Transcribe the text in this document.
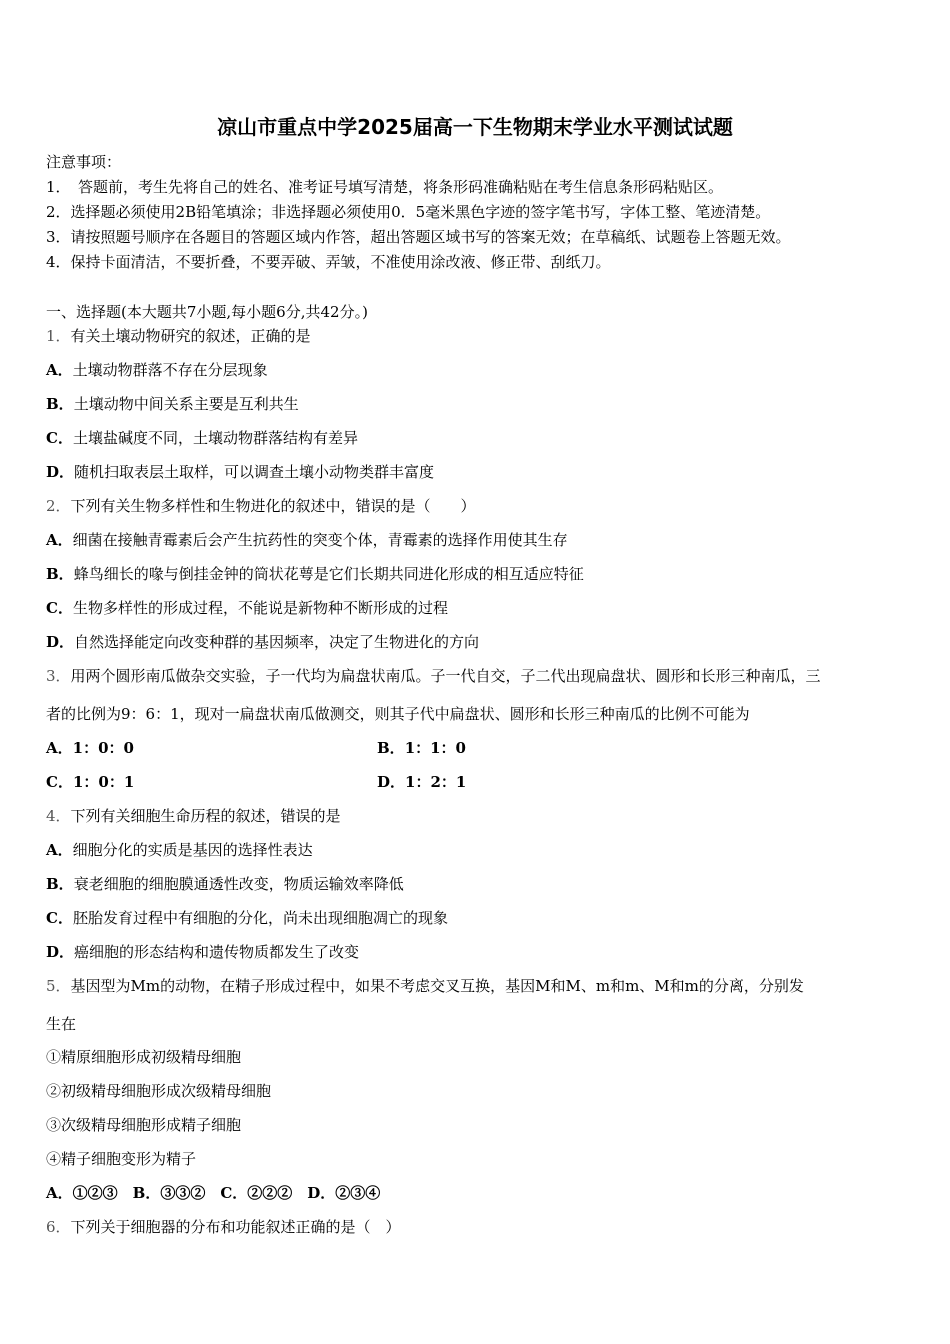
凉山市重点中学2025届高一下生物期末学业水平测试试题
注意事项：
1．　答题前，考生先将自己的姓名、准考证号填写清楚，将条形码准确粘贴在考生信息条形码粘贴区。
2．选择题必须使用2B铅笔填涂；非选择题必须使用0．5毫米黑色字迹的签字笔书写，字体工整、笔迹清楚。
3．请按照题号顺序在各题目的答题区域内作答，超出答题区域书写的答案无效；在草稿纸、试题卷上答题无效。
4．保持卡面清洁，不要折叠，不要弄破、弄皱，不准使用涂改液、修正带、刮纸刀。
一、选择题(本大题共7小题,每小题6分,共42分。)
1．有关土壤动物研究的叙述，正确的是
A．土壤动物群落不存在分层现象
B．土壤动物中间关系主要是互利共生
C．土壤盐碱度不同，土壤动物群落结构有差异
D．随机扫取表层土取样，可以调查土壤小动物类群丰富度
2．下列有关生物多样性和生物进化的叙述中，错误的是（　　）
A．细菌在接触青霉素后会产生抗药性的突变个体，青霉素的选择作用使其生存
B．蜂鸟细长的喙与倒挂金钟的筒状花萼是它们长期共同进化形成的相互适应特征
C．生物多样性的形成过程，不能说是新物种不断形成的过程
D．自然选择能定向改变种群的基因频率，决定了生物进化的方向
3．用两个圆形南瓜做杂交实验，子一代均为扁盘状南瓜。子一代自交，子二代出现扁盘状、圆形和长形三种南瓜，三
者的比例为9：6：1，现对一扁盘状南瓜做测交，则其子代中扁盘状、圆形和长形三种南瓜的比例不可能为
A．1：0：0	B．1：1：0
C．1：0：1	D．1：2：1
4．下列有关细胞生命历程的叙述，错误的是
A．细胞分化的实质是基因的选择性表达
B．衰老细胞的细胞膜通透性改变，物质运输效率降低
C．胚胎发育过程中有细胞的分化，尚未出现细胞凋亡的现象
D．癌细胞的形态结构和遗传物质都发生了改变
5．基因型为Mm的动物，在精子形成过程中，如果不考虑交叉互换，基因M和M、m和m、M和m的分离，分别发
生在
①精原细胞形成初级精母细胞
②初级精母细胞形成次级精母细胞
③次级精母细胞形成精子细胞
④精子细胞变形为精子
A．①②③　B．③③②　C．②②②　D．②③④
6．下列关于细胞器的分布和功能叙述正确的是（　）
